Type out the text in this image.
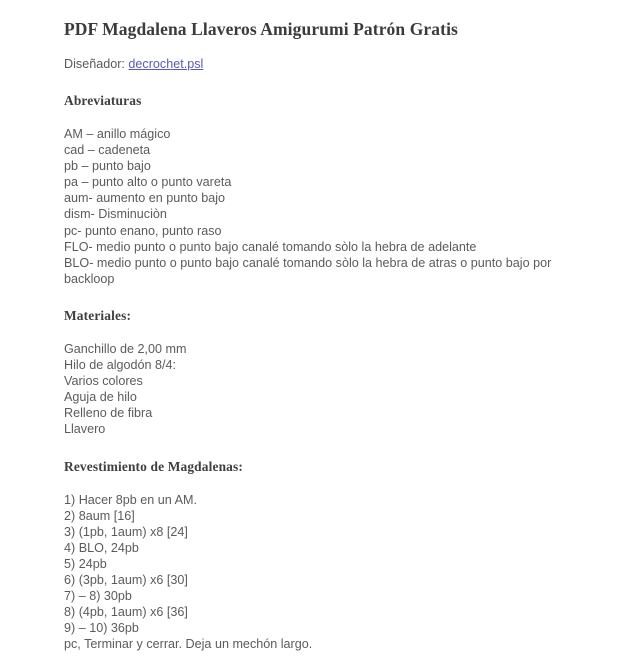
PDF Magdalena Llaveros Amigurumi Patrón Gratis
Diseñador: decrochet.psl
Abreviaturas
AM – anillo mágico
cad – cadeneta
pb – punto bajo
pa – punto alto o punto vareta
aum- aumento en punto bajo
dism- Disminuciòn
pc- punto enano, punto raso
FLO- medio punto o punto bajo canalé tomando sòlo la hebra de adelante
BLO- medio punto o punto bajo canalé tomando sòlo la hebra de atras o punto bajo por backloop
Materiales:
Ganchillo de 2,00 mm
Hilo de algodón 8/4:
Varios colores
Aguja de hilo
Relleno de fibra
Llavero
Revestimiento de Magdalenas:
1) Hacer 8pb en un AM.
2) 8aum [16]
3) (1pb, 1aum) x8 [24]
4) BLO, 24pb
5) 24pb
6) (3pb, 1aum) x6 [30]
7) – 8) 30pb
8) (4pb, 1aum) x6 [36]
9) – 10) 36pb
pc, Terminar y cerrar. Deja un mechón largo.
